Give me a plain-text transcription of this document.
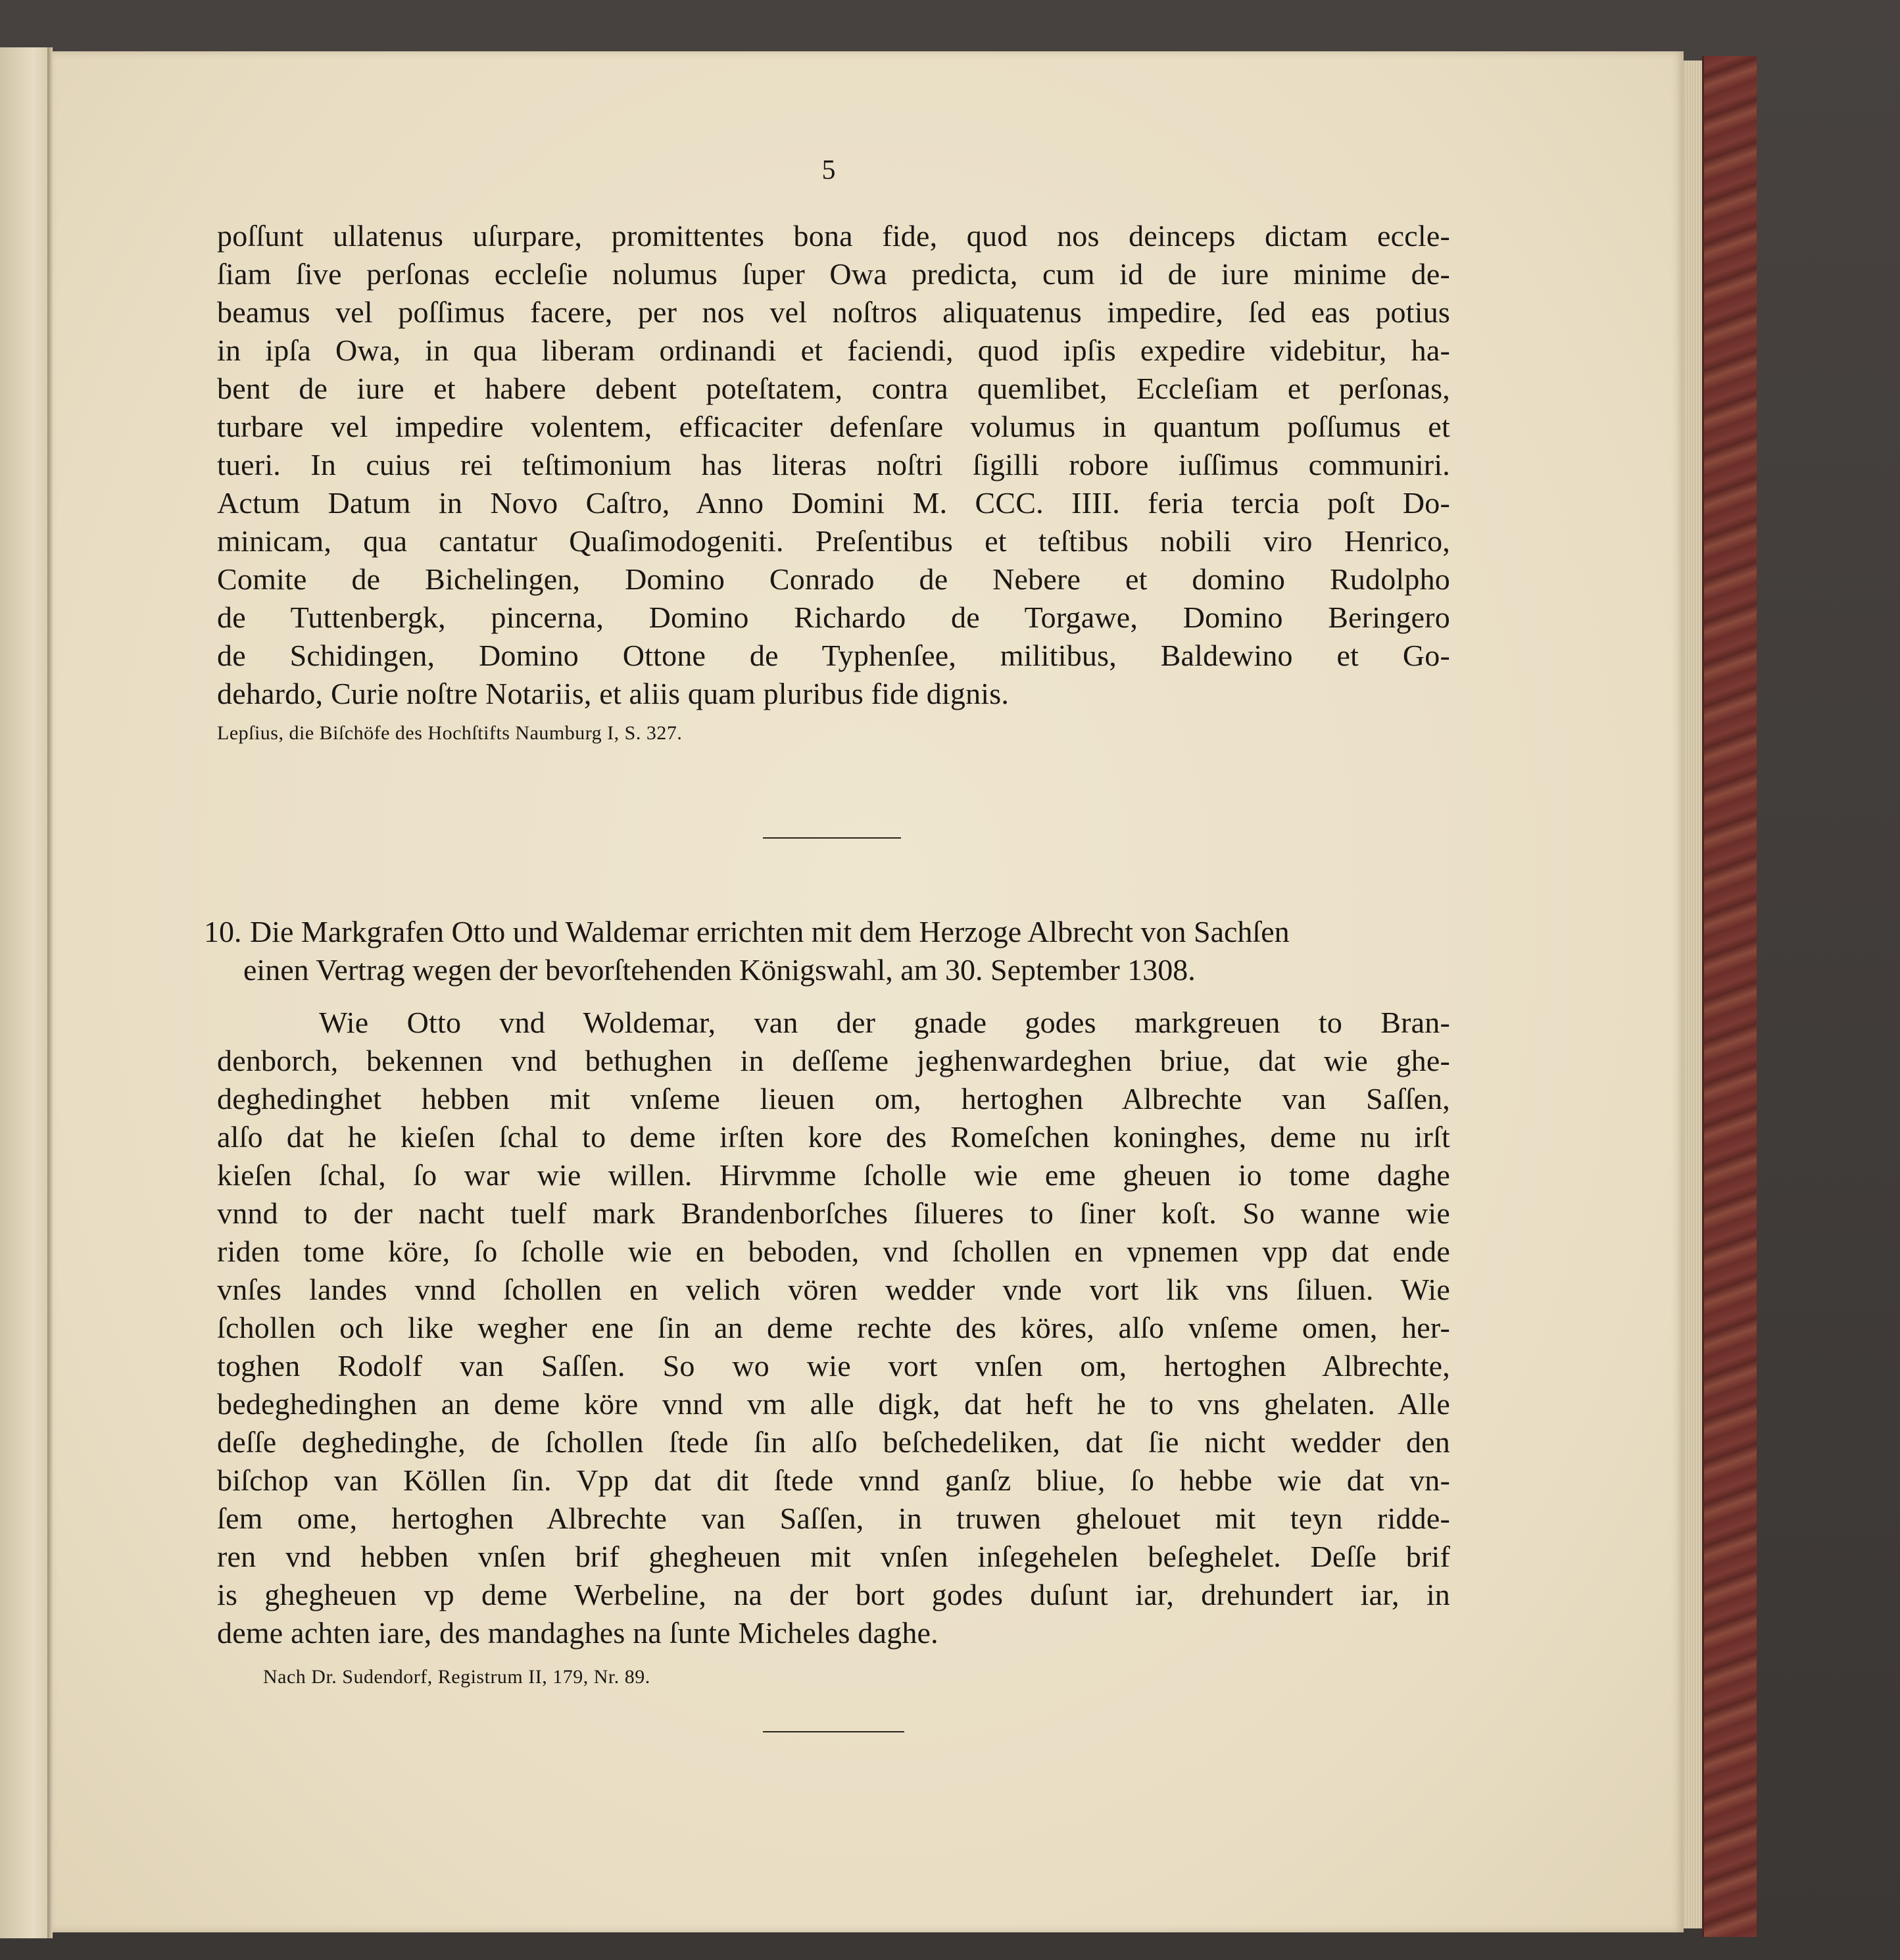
5
poſſunt ullatenus uſurpare, promittentes bona fide, quod nos deinceps dictam eccle-
ſiam ſive perſonas eccleſie nolumus ſuper Owa predicta, cum id de iure minime de-
beamus vel poſſimus facere, per nos vel noſtros aliquatenus impedire, ſed eas potius
in ipſa Owa, in qua liberam ordinandi et faciendi, quod ipſis expedire videbitur, ha-
bent de iure et habere debent poteſtatem, contra quemlibet, Eccleſiam et perſonas,
turbare vel impedire volentem, efficaciter defenſare volumus in quantum poſſumus et
tueri. In cuius rei teſtimonium has literas noſtri ſigilli robore iuſſimus communiri.
Actum Datum in Novo Caſtro, Anno Domini M. CCC. IIII. feria tercia poſt Do-
minicam, qua cantatur Quaſimodogeniti. Preſentibus et teſtibus nobili viro Henrico,
Comite de Bichelingen, Domino Conrado de Nebere et domino Rudolpho
de Tuttenbergk, pincerna, Domino Richardo de Torgawe, Domino Beringero
de Schidingen, Domino Ottone de Typhenſee, militibus, Baldewino et Go-
dehardo, Curie noſtre Notariis, et aliis quam pluribus fide dignis.
Lepſius, die Biſchöfe des Hochſtifts Naumburg I, S. 327.
10. Die Markgrafen Otto und Waldemar errichten mit dem Herzoge Albrecht von Sachſen
einen Vertrag wegen der bevorſtehenden Königswahl, am 30. September 1308.
Wie Otto vnd Woldemar, van der gnade godes markgreuen to Bran-
denborch, bekennen vnd bethughen in deſſeme jeghenwardeghen briue, dat wie ghe-
deghedinghet hebben mit vnſeme lieuen om, hertoghen Albrechte van Saſſen,
alſo dat he kieſen ſchal to deme irſten kore des Romeſchen koninghes, deme nu irſt
kieſen ſchal, ſo war wie willen. Hirvmme ſcholle wie eme gheuen io tome daghe
vnnd to der nacht tuelf mark Brandenborſches ſilueres to ſiner koſt. So wanne wie
riden tome köre, ſo ſcholle wie en beboden, vnd ſchollen en vpnemen vpp dat ende
vnſes landes vnnd ſchollen en velich vören wedder vnde vort lik vns ſiluen. Wie
ſchollen och like wegher ene ſin an deme rechte des köres, alſo vnſeme omen, her-
toghen Rodolf van Saſſen. So wo wie vort vnſen om, hertoghen Albrechte,
bedeghedinghen an deme köre vnnd vm alle digk, dat heft he to vns ghelaten. Alle
deſſe deghedinghe, de ſchollen ſtede ſin alſo beſchedeliken, dat ſie nicht wedder den
biſchop van Köllen ſin. Vpp dat dit ſtede vnnd ganſz bliue, ſo hebbe wie dat vn-
ſem ome, hertoghen Albrechte van Saſſen, in truwen ghelouet mit teyn ridde-
ren vnd hebben vnſen brif ghegheuen mit vnſen inſegehelen beſeghelet. Deſſe brif
is ghegheuen vp deme Werbeline, na der bort godes duſunt iar, drehundert iar, in
deme achten iare, des mandaghes na ſunte Micheles daghe.
Nach Dr. Sudendorf, Registrum II, 179, Nr. 89.
